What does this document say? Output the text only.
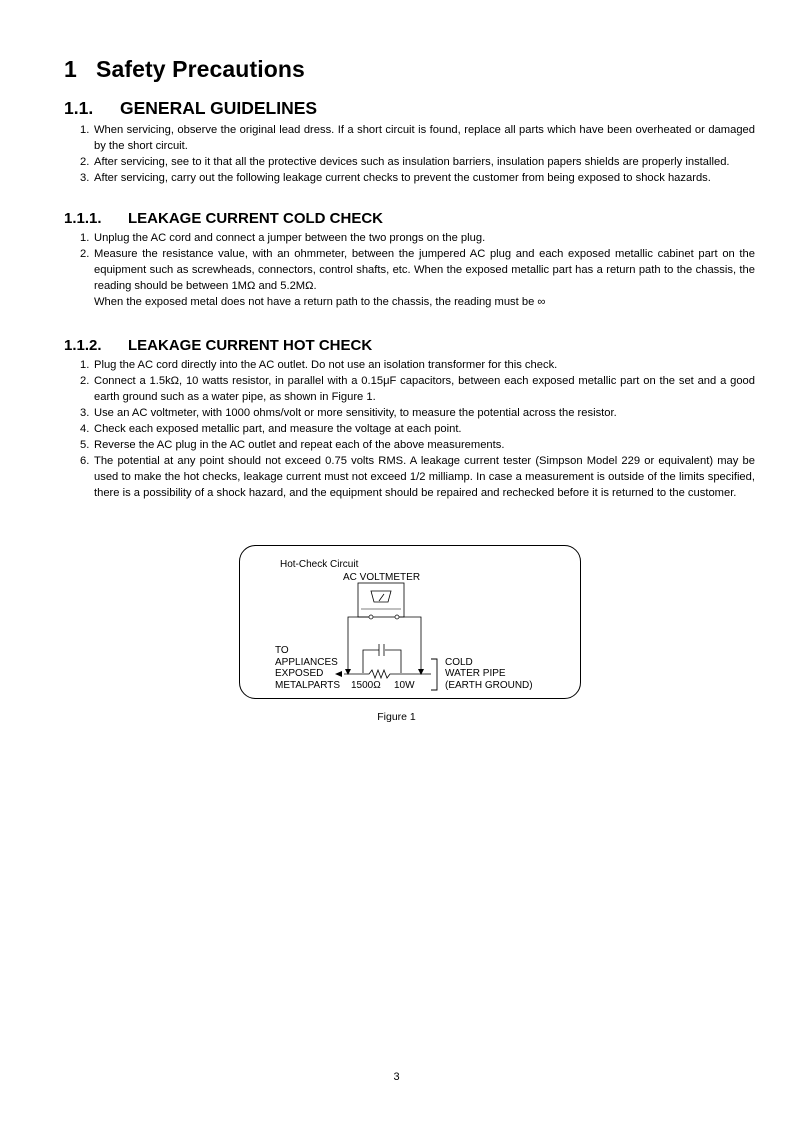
1 Safety Precautions
1.1. GENERAL GUIDELINES
1. When servicing, observe the original lead dress. If a short circuit is found, replace all parts which have been overheated or damaged by the short circuit.
2. After servicing, see to it that all the protective devices such as insulation barriers, insulation papers shields are properly installed.
3. After servicing, carry out the following leakage current checks to prevent the customer from being exposed to shock hazards.
1.1.1. LEAKAGE CURRENT COLD CHECK
1. Unplug the AC cord and connect a jumper between the two prongs on the plug.
2. Measure the resistance value, with an ohmmeter, between the jumpered AC plug and each exposed metallic cabinet part on the equipment such as screwheads, connectors, control shafts, etc. When the exposed metallic part has a return path to the chassis, the reading should be between 1MΩ and 5.2MΩ.
When the exposed metal does not have a return path to the chassis, the reading must be ∞
1.1.2. LEAKAGE CURRENT HOT CHECK
1. Plug the AC cord directly into the AC outlet. Do not use an isolation transformer for this check.
2. Connect a 1.5kΩ, 10 watts resistor, in parallel with a 0.15μF capacitors, between each exposed metallic part on the set and a good earth ground such as a water pipe, as shown in Figure 1.
3. Use an AC voltmeter, with 1000 ohms/volt or more sensitivity, to measure the potential across the resistor.
4. Check each exposed metallic part, and measure the voltage at each point.
5. Reverse the AC plug in the AC outlet and repeat each of the above measurements.
6. The potential at any point should not exceed 0.75 volts RMS. A leakage current tester (Simpson Model 229 or equivalent) may be used to make the hot checks, leakage current must not exceed 1/2 milliamp. In case a measurement is outside of the limits specified, there is a possibility of a shock hazard, and the equipment should be repaired and rechecked before it is returned to the customer.
Hot-Check Circuit
AC VOLTMETER
TO
APPLIANCES
EXPOSED
METALPARTS 1500Ω 10W
COLD
WATER PIPE
(EARTH GROUND)
Figure 1
3
